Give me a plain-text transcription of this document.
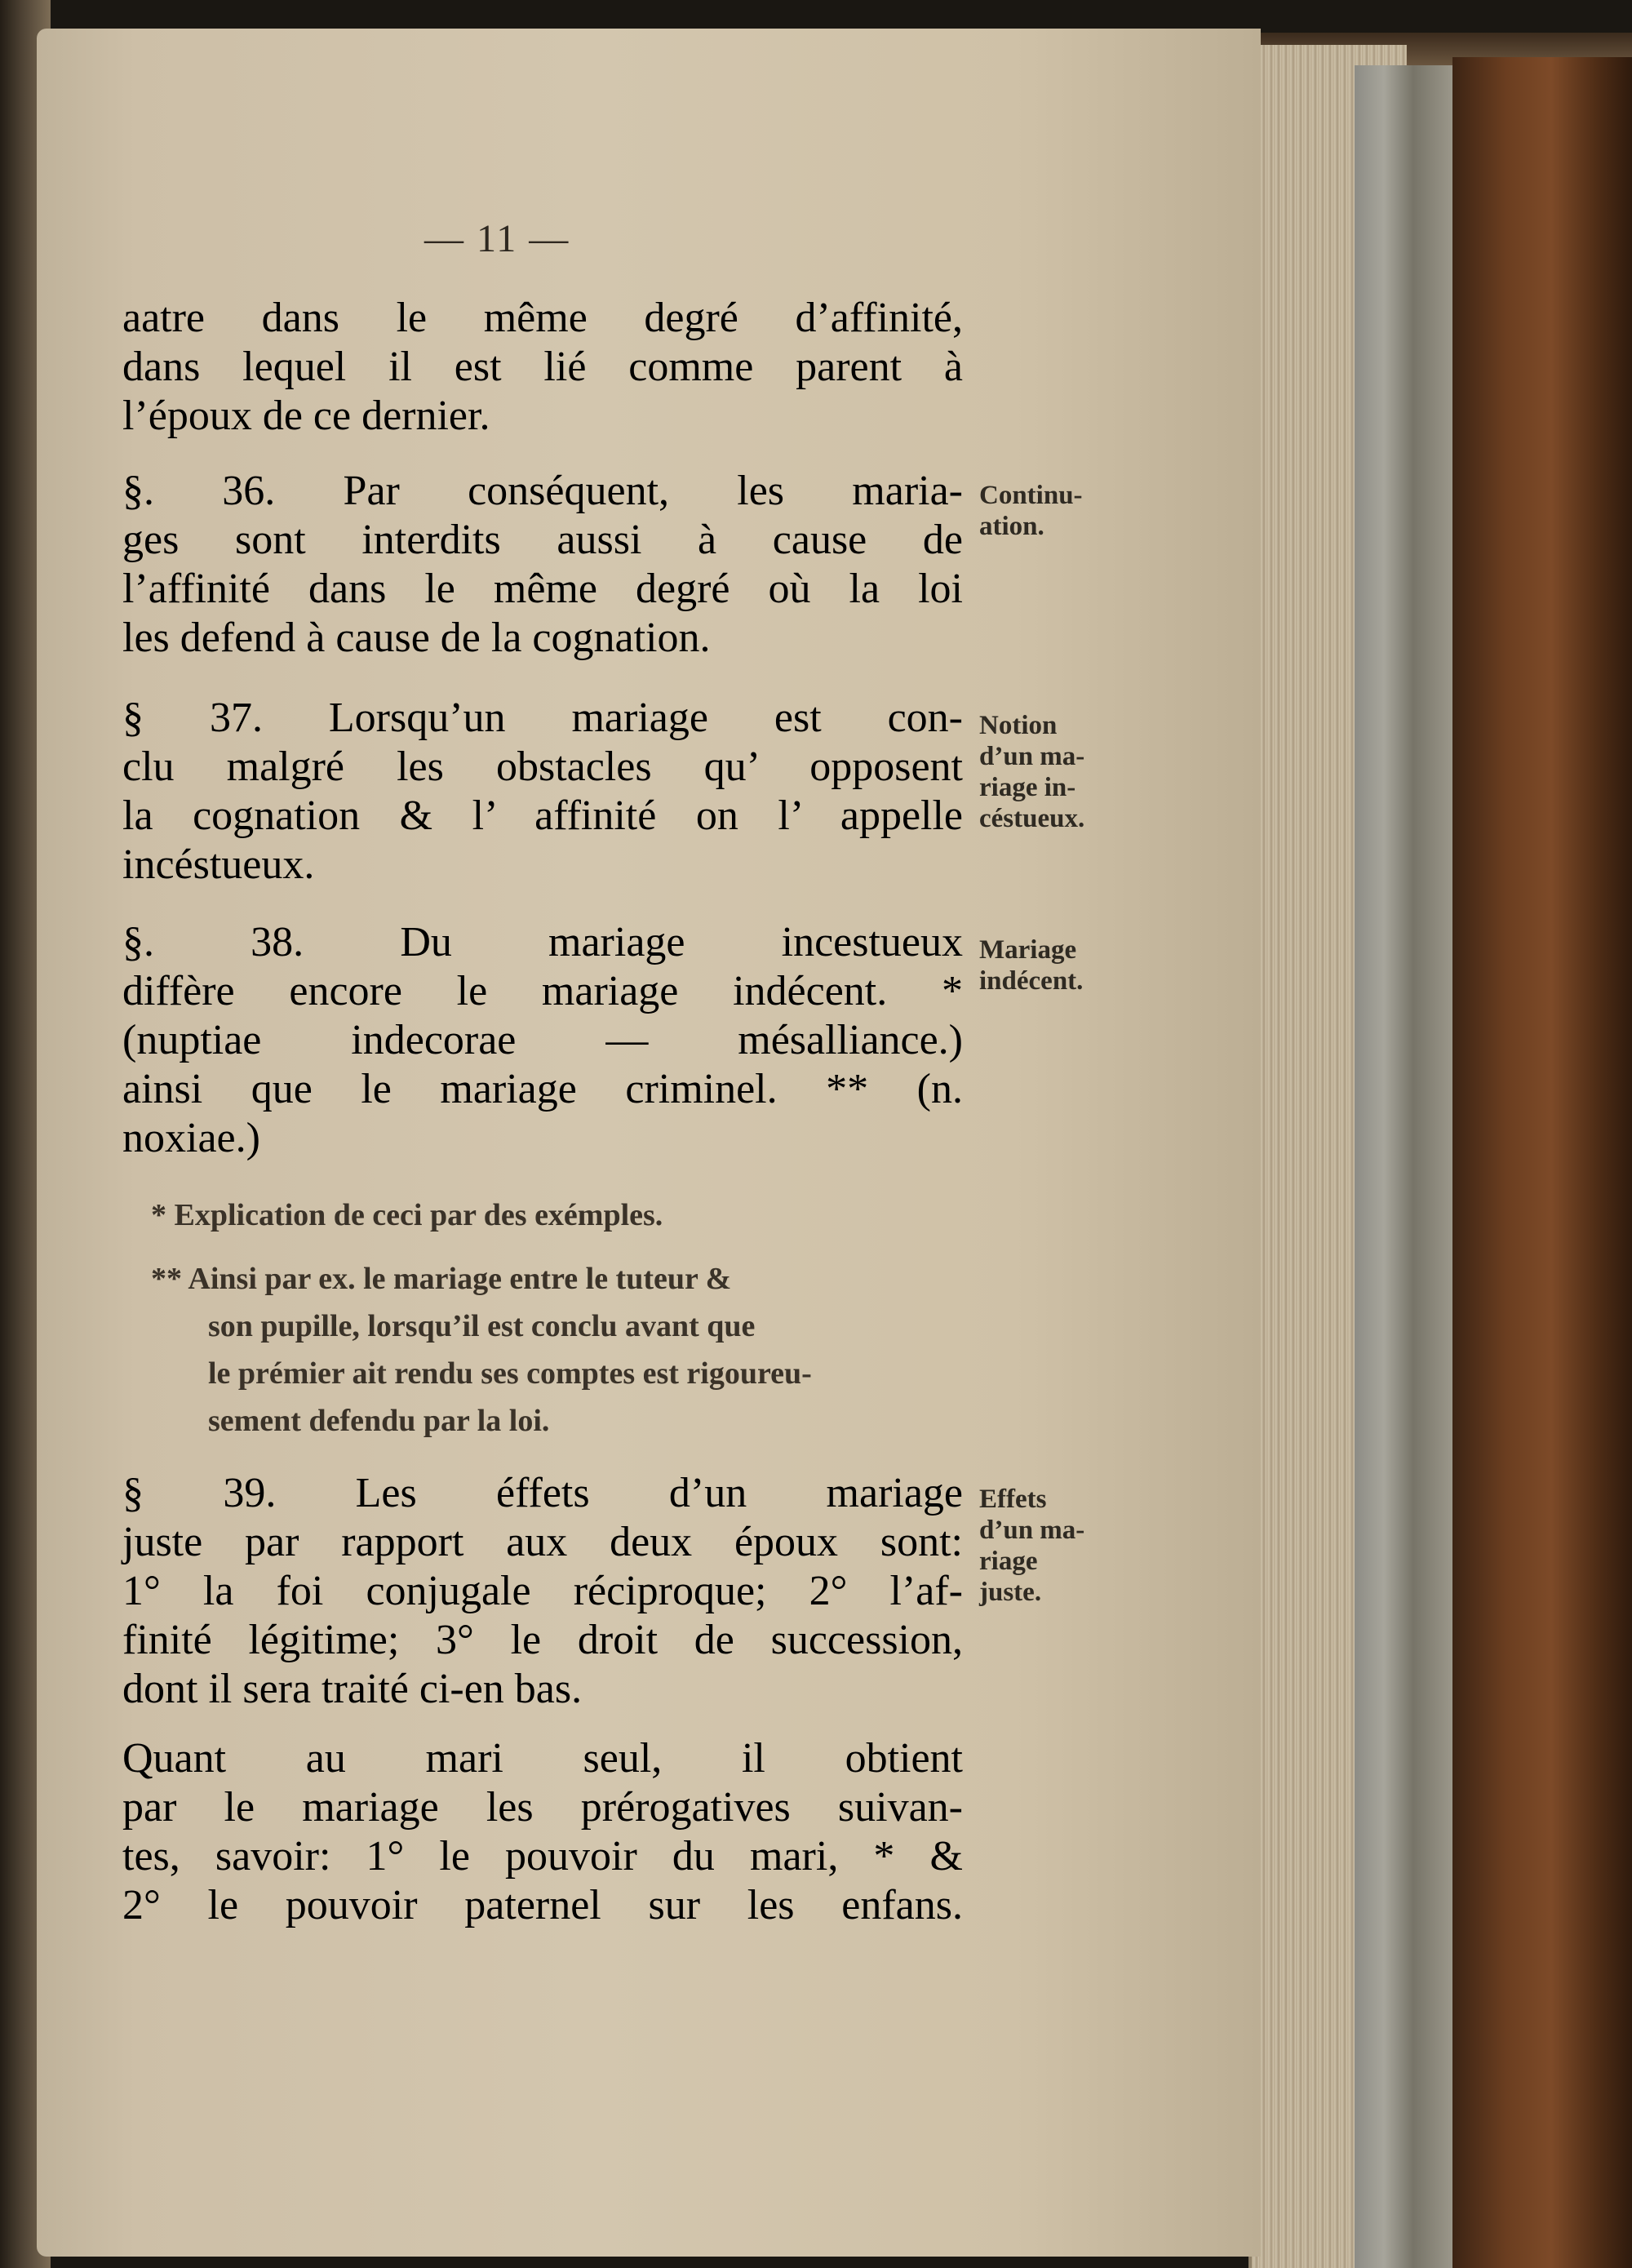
— 11 —
aatre dans le même degré d’affinité,
dans lequel il est lié comme parent à
l’époux de ce dernier.
§. 36. Par conséquent, les maria-
ges sont interdits aussi à cause de
l’affinité dans le même degré où la loi
les defend à cause de la cognation.
Continu-
ation.
§ 37. Lorsqu’un mariage est con-
clu malgré les obstacles qu’ opposent
la cognation & l’ affinité on l’ appelle
incéstueux.
Notion
d’un ma-
riage in-
céstueux.
§. 38. Du mariage incestueux
diffère encore le mariage indécent. *
(nuptiae indecorae — mésalliance.)
ainsi que le mariage criminel. ** (n.
noxiae.)
Mariage
indécent.
* Explication de ceci par des exémples.
** Ainsi par ex. le mariage entre le tuteur &
son pupille, lorsqu’il est conclu avant que
le prémier ait rendu ses comptes est rigoureu-
sement defendu par la loi.
§ 39. Les éffets d’un mariage
juste par rapport aux deux époux sont:
1° la foi conjugale réciproque; 2° l’af-
finité légitime; 3° le droit de succession,
dont il sera traité ci-en bas.
Effets
d’un ma-
riage
juste.
Quant au mari seul, il obtient
par le mariage les prérogatives suivan-
tes, savoir: 1° le pouvoir du mari, * &
2° le pouvoir paternel sur les enfans.
